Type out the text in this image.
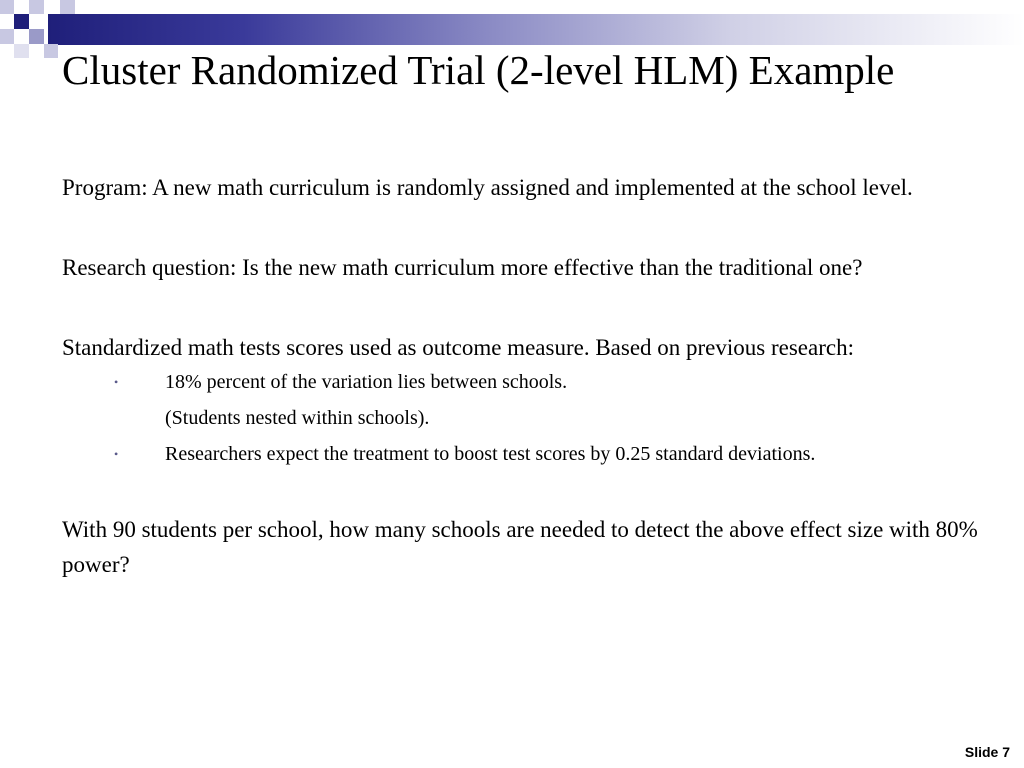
Cluster Randomized Trial (2-level HLM) Example

Program: A new math curriculum is randomly assigned and implemented at the school level.

Research question: Is the new math curriculum more effective than the traditional one?

Standardized math tests scores used as outcome measure. Based on previous research:

• 18% percent of the variation lies between schools.
(Students nested within schools).
• Researchers expect the treatment to boost test scores by 0.25 standard deviations.

With 90 students per school, how many schools are needed to detect the above effect size with 80% power?

Slide 7
